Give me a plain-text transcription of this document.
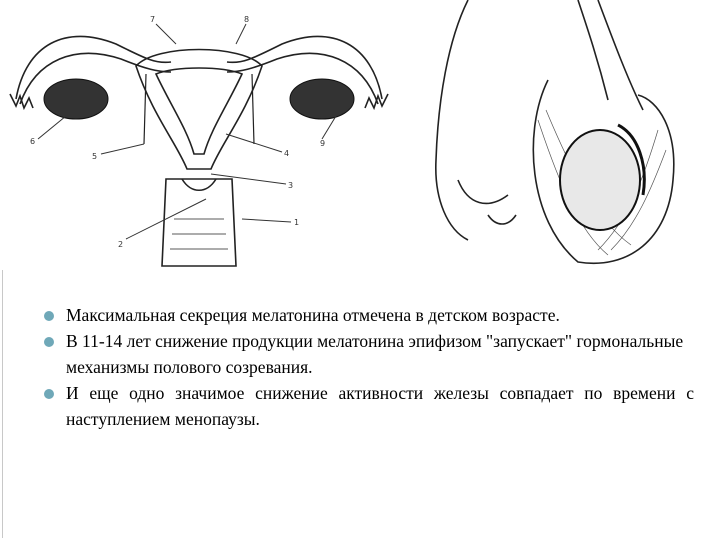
1
2
3
4
5
6
7	8
9
Максимальная секреция мелатонина отмечена в детском возрасте.
В 11-14 лет снижение продукции мелатонина эпифизом "запускает" гормональные механизмы полового созревания.
И еще одно значимое снижение активности железы совпадает по времени с наступлением менопаузы.
